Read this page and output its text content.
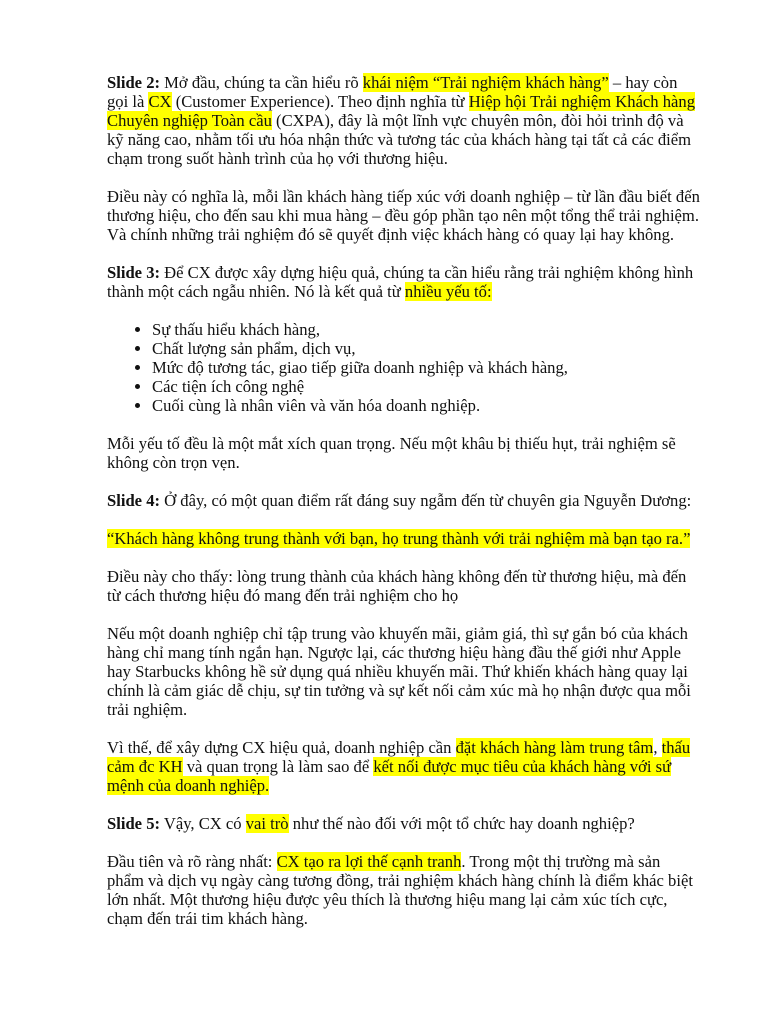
Slide 2: Mở đầu, chúng ta cần hiểu rõ khái niệm “Trải nghiệm khách hàng” – hay còn gọi là CX (Customer Experience). Theo định nghĩa từ Hiệp hội Trải nghiệm Khách hàng Chuyên nghiệp Toàn cầu (CXPA), đây là một lĩnh vực chuyên môn, đòi hỏi trình độ và kỹ năng cao, nhằm tối ưu hóa nhận thức và tương tác của khách hàng tại tất cả các điểm chạm trong suốt hành trình của họ với thương hiệu.

Điều này có nghĩa là, mỗi lần khách hàng tiếp xúc với doanh nghiệp – từ lần đầu biết đến thương hiệu, cho đến sau khi mua hàng – đều góp phần tạo nên một tổng thể trải nghiệm. Và chính những trải nghiệm đó sẽ quyết định việc khách hàng có quay lại hay không.

Slide 3: Để CX được xây dựng hiệu quả, chúng ta cần hiểu rằng trải nghiệm không hình thành một cách ngẫu nhiên. Nó là kết quả từ nhiều yếu tố:

• Sự thấu hiểu khách hàng,
• Chất lượng sản phẩm, dịch vụ,
• Mức độ tương tác, giao tiếp giữa doanh nghiệp và khách hàng,
• Các tiện ích công nghệ
• Cuối cùng là nhân viên và văn hóa doanh nghiệp.

Mỗi yếu tố đều là một mắt xích quan trọng. Nếu một khâu bị thiếu hụt, trải nghiệm sẽ không còn trọn vẹn.

Slide 4: Ở đây, có một quan điểm rất đáng suy ngẫm đến từ chuyên gia Nguyễn Dương:

“Khách hàng không trung thành với bạn, họ trung thành với trải nghiệm mà bạn tạo ra.”

Điều này cho thấy: lòng trung thành của khách hàng không đến từ thương hiệu, mà đến từ cách thương hiệu đó mang đến trải nghiệm cho họ

Nếu một doanh nghiệp chỉ tập trung vào khuyến mãi, giảm giá, thì sự gắn bó của khách hàng chỉ mang tính ngắn hạn. Ngược lại, các thương hiệu hàng đầu thế giới như Apple hay Starbucks không hề sử dụng quá nhiều khuyến mãi. Thứ khiến khách hàng quay lại chính là cảm giác dễ chịu, sự tin tưởng và sự kết nối cảm xúc mà họ nhận được qua mỗi trải nghiệm.

Vì thế, để xây dựng CX hiệu quả, doanh nghiệp cần đặt khách hàng làm trung tâm, thấu cảm đc KH và quan trọng là làm sao để kết nối được mục tiêu của khách hàng với sứ mệnh của doanh nghiệp.

Slide 5: Vậy, CX có vai trò như thế nào đối với một tổ chức hay doanh nghiệp?

Đầu tiên và rõ ràng nhất: CX tạo ra lợi thế cạnh tranh. Trong một thị trường mà sản phẩm và dịch vụ ngày càng tương đồng, trải nghiệm khách hàng chính là điểm khác biệt lớn nhất. Một thương hiệu được yêu thích là thương hiệu mang lại cảm xúc tích cực, chạm đến trái tim khách hàng.
